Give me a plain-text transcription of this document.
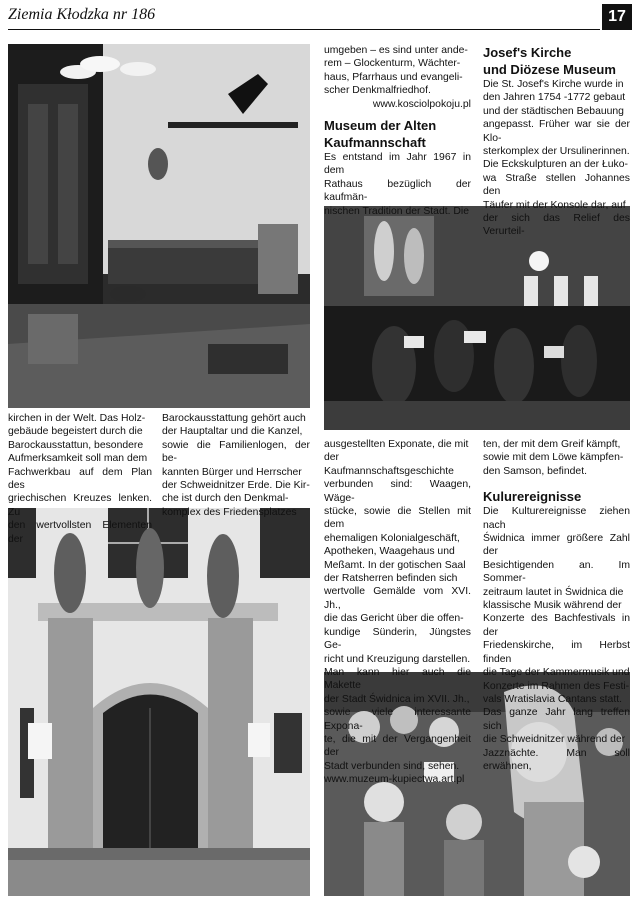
Ziemia Kłodzka nr 186	17

kirchen in der Welt. Das Holz-

gebäude begeistert durch die

Barockausstattun, besondere

Aufmerksamkeit soll man dem

Fachwerkbau auf dem Plan des

griechischen Kreuzes lenken. Zu

den wertvollsten Elementen der

Barockausstattung gehört auch

der Hauptaltar und die Kanzel,

sowie die Familienlogen, der be-

kannten Bürger und Herrscher

der Schweidnitzer Erde. Die Kir-

che ist durch den Denkmal-

komplex des Friedensplatzes

umgeben – es sind unter ande-

rem – Glockenturm, Wächter-

haus, Pfarrhaus und evangeli-

scher Denkmalfriedhof.

www.kosciolpokoju.pl

Museum der Alten

Kaufmannschaft

Es entstand im Jahr 1967 in dem

Rathaus bezüglich der kaufmän-

nischen Tradition der Stadt. Die

Josef's Kirche

und Diözese Museum

Die St. Josef's Kirche wurde in

den Jahren 1754 -1772 gebaut

und der städtischen Bebauung

angepasst. Früher war sie der Klo-

sterkomplex der Ursulinerinnen.

Die Eckskulpturen an der Łuko-

wa Straße stellen Johannes den

Täufer mit der Konsole dar, auf

der sich das Relief des Verurteil-

ausgestellten Exponate, die mit

der Kaufmannschaftsgeschichte

verbunden sind: Waagen, Wäge-

stücke, sowie die Stellen mit dem

ehemaligen Kolonialgeschäft,

Apotheken, Waagehaus und

Meßamt. In der gotischen Saal

der Ratsherren befinden sich

wertvolle Gemälde vom XVI. Jh.,

die das Gericht über die offen-

kundige Sünderin, Jüngstes Ge-

richt und Kreuzigung darstellen.

Man kann hier auch die Makette

der Stadt Świdnica im XVII. Jh.,

sowie viele interessante Expona-

te, die mit der Vergangenheit der

Stadt verbunden sind, sehen.

www.muzeum-kupiectwa.art.pl

ten, der mit dem Greif kämpft,

sowie mit dem Löwe kämpfen-

den Samson, befindet.

Kulurereignisse

Die Kulturereignisse ziehen nach

Świdnica immer größere Zahl der

Besichtigenden an. Im Sommer-

zeitraum lautet in Świdnica die

klassische Musik während der

Konzerte des Bachfestivals in der

Friedenskirche, im Herbst finden

die Tage der Kammermusik und

Konzerte im Rahmen des Festi-

vals Wratislavia Cantans statt.

Das ganze Jahr lang treffen sich

die Schweidnitzer während der

Jazznächte. Man soll erwähnen,
